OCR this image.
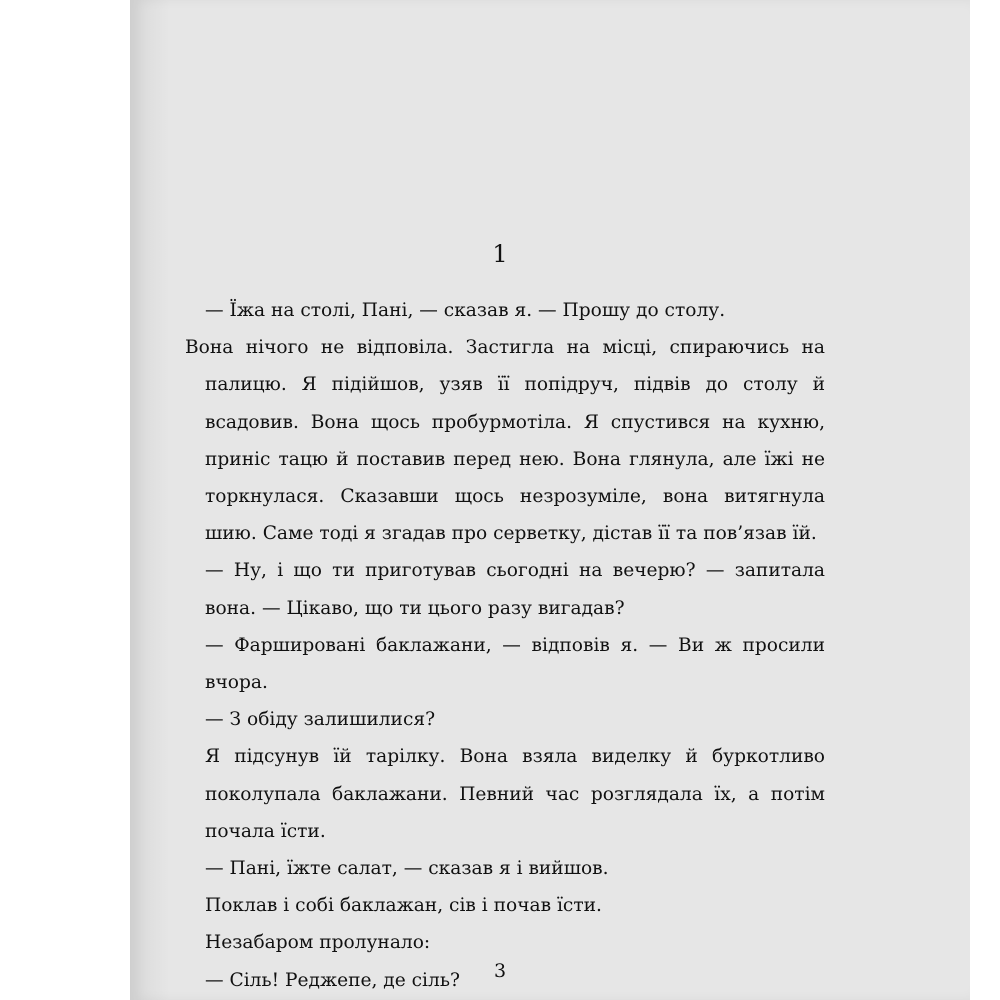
1

— Їжа на столі, Пані, — сказав я. — Прошу до столу.

Вона нічого не відповіла. Застигла на місці, спираючись на палицю. Я підійшов, узяв її попідруч, підвів до столу й всадовив. Вона щось пробурмотіла. Я спустився на кухню, приніс тацю й поставив перед нею. Вона глянула, але їжі не торкнулася. Сказавши щось незрозуміле, вона витягнула шию. Саме тоді я згадав про серветку, дістав її та пов’язав їй.

— Ну, і що ти приготував сьогодні на вечерю? — запитала вона. — Цікаво, що ти цього разу вигадав?

— Фаршировані баклажани, — відповів я. — Ви ж просили вчора.

— З обіду залишилися?

Я підсунув їй тарілку. Вона взяла виделку й буркотливо поколупала баклажани. Певний час розглядала їх, а потім почала їсти.

— Пані, їжте салат, — сказав я і вийшов.

Поклав і собі баклажан, сів і почав їсти.

Незабаром пролунало:

— Сіль! Реджепе, де сіль?	3
